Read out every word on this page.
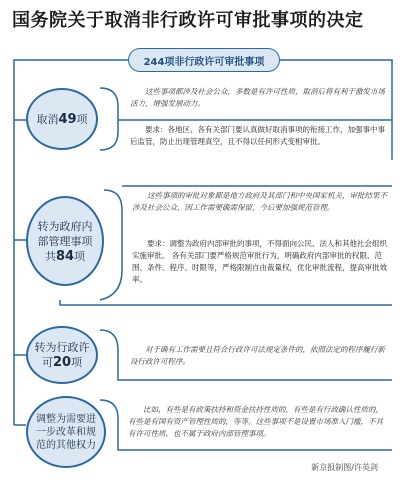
国务院关于取消非行政许可审批事项的决定
244项非行政许可审批事项
取消49项
这些事项都涉及社会公众，多数是有许可性质，取消后将有利于激发市场活力，增强发展动力。
要求：各地区、各有关部门要认真做好取消事项的衔接工作，加强事中事后监管，防止出现管理真空，且不得以任何形式变相审批。
转为政府内部管理事项共84项
这些事项的审批对象都是地方政府及其部门和中央国家机关，审批结果不涉及社会公众，因工作需要确需保留，今后要加强规范管理。
要求：调整为政府内部审批的事项，不得面向公民、法人和其他社会组织实施审批。 各有关部门要严格规范审批行为，明确政府内部审批的权限、范围、条件、程序、时限等，严格限制自由裁量权，优化审批流程，提高审批效率。
转为行政许可20项
对于确有工作需要且符合行政许可法规定条件的，依照法定的程序履行新设行政许可程序。
调整为需要进一步改革和规范的其他权力
比如，有些是有政策扶持和资金扶持性质的，有些是有行政确认性质的，有些是有国有资产管理性质的，等等。这些事项不是设置市场准入门槛，不具有许可性质，也不属于政府内部管理事项。
新京报制图/许英剑
